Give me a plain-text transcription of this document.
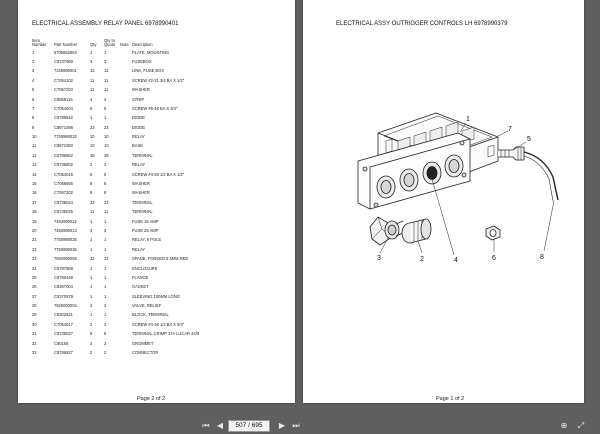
ELECTRICAL ASSEMBLY RELAY PANEL 6978990401
Item
Number	Part Number	Qty	Qty to
Quote	Note	Description
1	6705892864	1	1		PLATE, MOUNTING
2	C8737960	3	3		FUSEBOX
3	7345990001	12	12		LINK, FUSE BOX
4	C7054102	11	11		SCREW #2-31 3/4 BA X 1/2"
5	C7067203	11	11		WASHER
6	C8869116	4	4		STRIP
7	C7054004	6	6		SCREW #6-48 BA X 3/4"
8	C8786542	1	1		DIODE
9	C8871088	23	23		DIODE
10	7750990032	10	10		RELAY
11	C8871083	10	10		BASE
12	C8786862	38	38		TERMINAL
13	C8736802	2	2		RELAY
14	C7054015	6	6		SCREW #4-38 1/2 BA X 1/2"
15	C7066665	8	8		WASHER
16	C7067202	8	8		WASHER
17	C8735024	23	23		TERMINAL
18	C8735025	11	11		TERMINAL
19	7482990012	1	1		FUSE 16 AMP
20	7482990013	3	3		FUSE 25 AMP
21	7750990035	1	1		RELAY, 6 POLE
22	7750990036	1	1		RELAY
23	7892990065	22	22		SPADE, FORKED 3.5MM RED
24	C8787868	1	1		ENCLOSURE
25	C8780449	1	1		FLANGE
26	C8367004	1	1		GASKET
27	C8370979	1	1		SLEEVING 100MM LONG
28	7926000004	2	2		VALVE, RELIEF
29	C8302621	1	1		BLOCK, TERMINAL
30	C7054017	2	2		SCREW #4-38 1/2 BA X 3/4"
31	C8735027	8	8		TERMINAL CRIMP 17A LUCAR 44/0
32	C90166	2	2		GROMMET
33	C8786927	2	2		CONNECTOR
Page 2 of 2
ELECTRICAL ASSY OUTRIGGER CONTROLS LH 6978990379
1
7
5
3	2	4	6	8
Page 1 of 2
⏮ ◀	507 / 695	▶ ⏭	⊕	⤢
